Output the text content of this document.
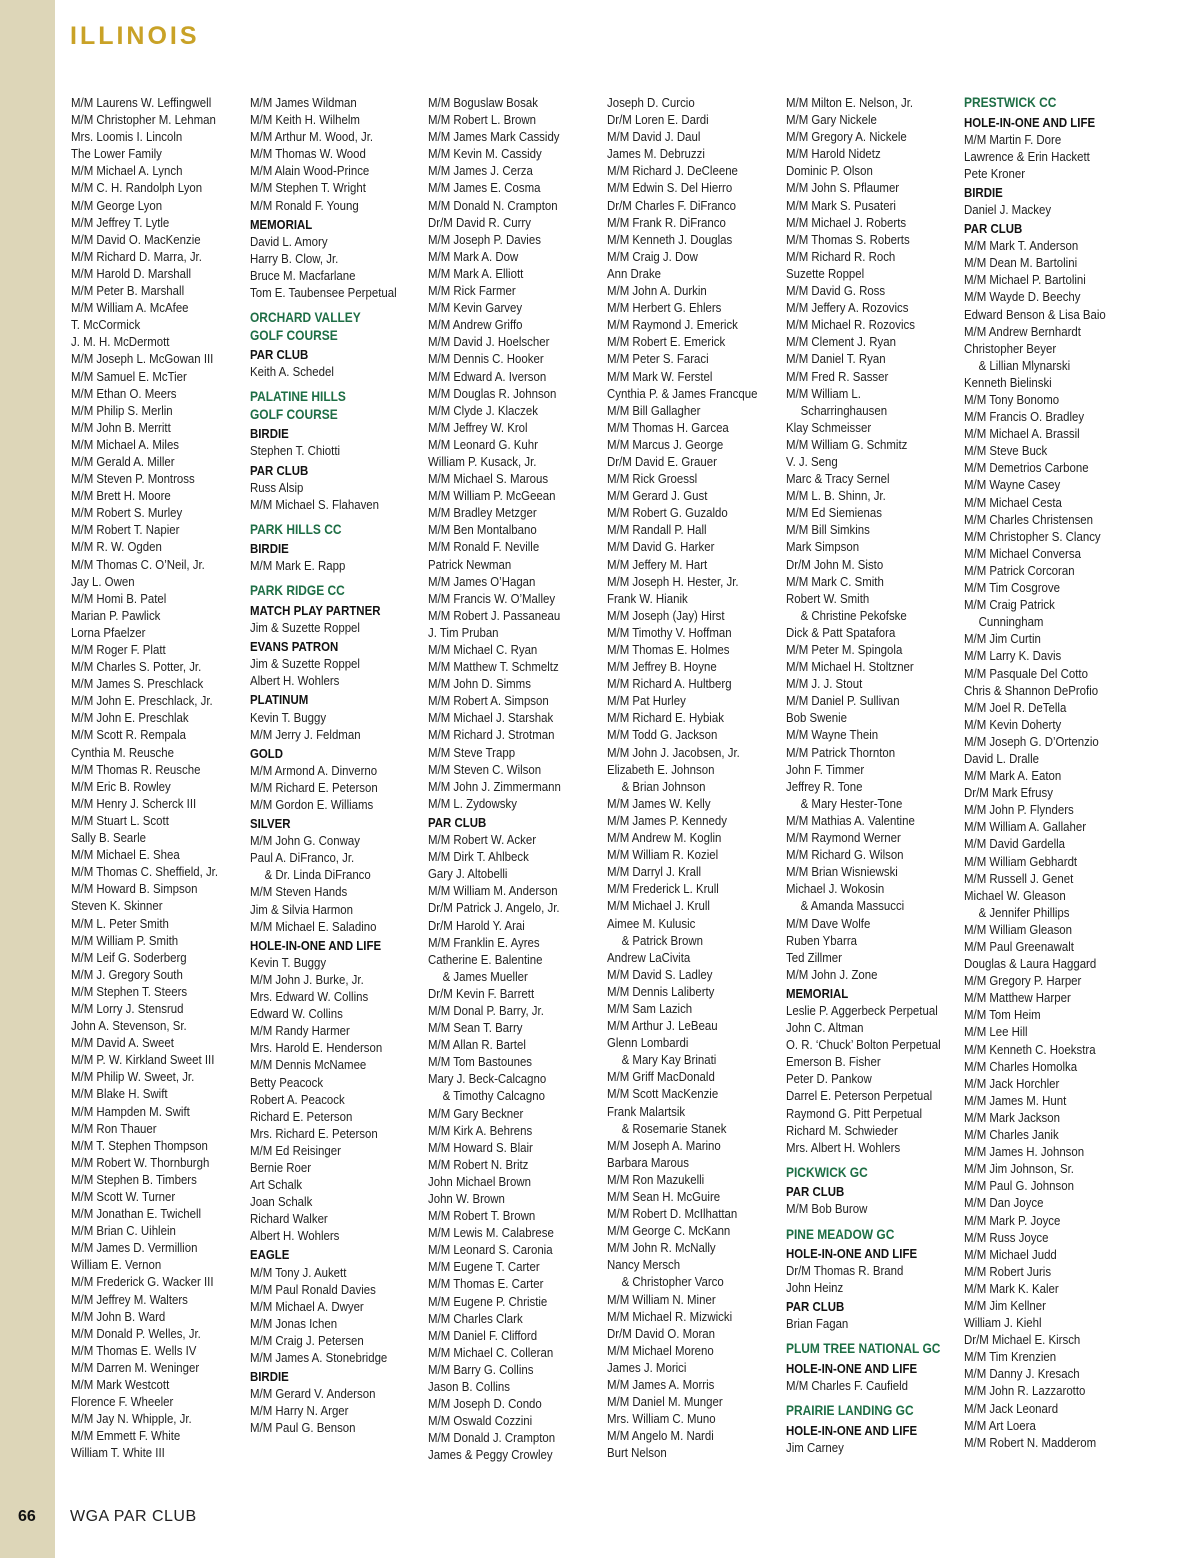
ILLINOIS
M/M Laurens W. Leffingwell
M/M Christopher M. Lehman
Mrs. Loomis I. Lincoln
The Lower Family
M/M Michael A. Lynch
M/M C. H. Randolph Lyon
M/M George Lyon
M/M Jeffrey T. Lytle
M/M David O. MacKenzie
M/M Richard D. Marra, Jr.
M/M Harold D. Marshall
M/M Peter B. Marshall
M/M William A. McAfee
T. McCormick
J. M. H. McDermott
M/M Joseph L. McGowan III
M/M Samuel E. McTier
M/M Ethan O. Meers
M/M Philip S. Merlin
M/M John B. Merritt
M/M Michael A. Miles
M/M Gerald A. Miller
M/M Steven P. Montross
M/M Brett H. Moore
M/M Robert S. Murley
M/M Robert T. Napier
M/M R. W. Ogden
M/M Thomas C. O’Neil, Jr.
Jay L. Owen
M/M Homi B. Patel
Marian P. Pawlick
Lorna Pfaelzer
M/M Roger F. Platt
M/M Charles S. Potter, Jr.
M/M James S. Preschlack
M/M John E. Preschlack, Jr.
M/M John E. Preschlak
M/M Scott R. Rempala
Cynthia M. Reusche
M/M Thomas R. Reusche
M/M Eric B. Rowley
M/M Henry J. Scherck III
M/M Stuart L. Scott
Sally B. Searle
M/M Michael E. Shea
M/M Thomas C. Sheffield, Jr.
M/M Howard B. Simpson
Steven K. Skinner
M/M L. Peter Smith
M/M William P. Smith
M/M Leif G. Soderberg
M/M J. Gregory South
M/M Stephen T. Steers
M/M Lorry J. Stensrud
John A. Stevenson, Sr.
M/M David A. Sweet
M/M P. W. Kirkland Sweet III
M/M Philip W. Sweet, Jr.
M/M Blake H. Swift
M/M Hampden M. Swift
M/M Ron Thauer
M/M T. Stephen Thompson
M/M Robert W. Thornburgh
M/M Stephen B. Timbers
M/M Scott W. Turner
M/M Jonathan E. Twichell
M/M Brian C. Uihlein
M/M James D. Vermillion
William E. Vernon
M/M Frederick G. Wacker III
M/M Jeffrey M. Walters
M/M John B. Ward
M/M Donald P. Welles, Jr.
M/M Thomas E. Wells IV
M/M Darren M. Weninger
M/M Mark Westcott
Florence F. Wheeler
M/M Jay N. Whipple, Jr.
M/M Emmett F. White
William T. White III
M/M James Wildman
M/M Keith H. Wilhelm
M/M Arthur M. Wood, Jr.
M/M Thomas W. Wood
M/M Alain Wood-Prince
M/M Stephen T. Wright
M/M Ronald F. Young
MEMORIAL
David L. Amory
Harry B. Clow, Jr.
Bruce M. Macfarlane
Tom E. Taubensee Perpetual
ORCHARD VALLEY
GOLF COURSE
PAR CLUB
Keith A. Schedel
PALATINE HILLS
GOLF COURSE
BIRDIE
Stephen T. Chiotti
PAR CLUB
Russ Alsip
M/M Michael S. Flahaven
PARK HILLS CC
BIRDIE
M/M Mark E. Rapp
PARK RIDGE CC
MATCH PLAY PARTNER
Jim & Suzette Roppel
EVANS PATRON
Jim & Suzette Roppel
Albert H. Wohlers
PLATINUM
Kevin T. Buggy
M/M Jerry J. Feldman
GOLD
M/M Armond A. Dinverno
M/M Richard E. Peterson
M/M Gordon E. Williams
SILVER
M/M John G. Conway
Paul A. DiFranco, Jr.
& Dr. Linda DiFranco
M/M Steven Hands
Jim & Silvia Harmon
M/M Michael E. Saladino
HOLE-IN-ONE AND LIFE
Kevin T. Buggy
M/M John J. Burke, Jr.
Mrs. Edward W. Collins
Edward W. Collins
M/M Randy Harmer
Mrs. Harold E. Henderson
M/M Dennis McNamee
Betty Peacock
Robert A. Peacock
Richard E. Peterson
Mrs. Richard E. Peterson
M/M Ed Reisinger
Bernie Roer
Art Schalk
Joan Schalk
Richard Walker
Albert H. Wohlers
EAGLE
M/M Tony J. Aukett
M/M Paul Ronald Davies
M/M Michael A. Dwyer
M/M Jonas Ichen
M/M Craig J. Petersen
M/M James A. Stonebridge
BIRDIE
M/M Gerard V. Anderson
M/M Harry N. Arger
M/M Paul G. Benson
M/M Boguslaw Bosak
M/M Robert L. Brown
M/M James Mark Cassidy
M/M Kevin M. Cassidy
M/M James J. Cerza
M/M James E. Cosma
M/M Donald N. Crampton
Dr/M David R. Curry
M/M Joseph P. Davies
M/M Mark A. Dow
M/M Mark A. Elliott
M/M Rick Farmer
M/M Kevin Garvey
M/M Andrew Griffo
M/M David J. Hoelscher
M/M Dennis C. Hooker
M/M Edward A. Iverson
M/M Douglas R. Johnson
M/M Clyde J. Klaczek
M/M Jeffrey W. Krol
M/M Leonard G. Kuhr
William P. Kusack, Jr.
M/M Michael S. Marous
M/M William P. McGeean
M/M Bradley Metzger
M/M Ben Montalbano
M/M Ronald F. Neville
Patrick Newman
M/M James O’Hagan
M/M Francis W. O’Malley
M/M Robert J. Passaneau
J. Tim Pruban
M/M Michael C. Ryan
M/M Matthew T. Schmeltz
M/M John D. Simms
M/M Robert A. Simpson
M/M Michael J. Starshak
M/M Richard J. Strotman
M/M Steve Trapp
M/M Steven C. Wilson
M/M John J. Zimmermann
M/M L. Zydowsky
PAR CLUB
M/M Robert W. Acker
M/M Dirk T. Ahlbeck
Gary J. Altobelli
M/M William M. Anderson
Dr/M Patrick J. Angelo, Jr.
Dr/M Harold Y. Arai
M/M Franklin E. Ayres
Catherine E. Balentine
& James Mueller
Dr/M Kevin F. Barrett
M/M Donal P. Barry, Jr.
M/M Sean T. Barry
M/M Allan R. Bartel
M/M Tom Bastounes
Mary J. Beck-Calcagno
& Timothy Calcagno
M/M Gary Beckner
M/M Kirk A. Behrens
M/M Howard S. Blair
M/M Robert N. Britz
John Michael Brown
John W. Brown
M/M Robert T. Brown
M/M Lewis M. Calabrese
M/M Leonard S. Caronia
M/M Eugene T. Carter
M/M Thomas E. Carter
M/M Eugene P. Christie
M/M Charles Clark
M/M Daniel F. Clifford
M/M Michael C. Colleran
M/M Barry G. Collins
Jason B. Collins
M/M Joseph D. Condo
M/M Oswald Cozzini
M/M Donald J. Crampton
James & Peggy Crowley
Joseph D. Curcio
Dr/M Loren E. Dardi
M/M David J. Daul
James M. Debruzzi
M/M Richard J. DeCleene
M/M Edwin S. Del Hierro
Dr/M Charles F. DiFranco
M/M Frank R. DiFranco
M/M Kenneth J. Douglas
M/M Craig J. Dow
Ann Drake
M/M John A. Durkin
M/M Herbert G. Ehlers
M/M Raymond J. Emerick
M/M Robert E. Emerick
M/M Peter S. Faraci
M/M Mark W. Ferstel
Cynthia P. & James Francque
M/M Bill Gallagher
M/M Thomas H. Garcea
M/M Marcus J. George
Dr/M David E. Grauer
M/M Rick Groessl
M/M Gerard J. Gust
M/M Robert G. Guzaldo
M/M Randall P. Hall
M/M David G. Harker
M/M Jeffery M. Hart
M/M Joseph H. Hester, Jr.
Frank W. Hianik
M/M Joseph (Jay) Hirst
M/M Timothy V. Hoffman
M/M Thomas E. Holmes
M/M Jeffrey B. Hoyne
M/M Richard A. Hultberg
M/M Pat Hurley
M/M Richard E. Hybiak
M/M Todd G. Jackson
M/M John J. Jacobsen, Jr.
Elizabeth E. Johnson
& Brian Johnson
M/M James W. Kelly
M/M James P. Kennedy
M/M Andrew M. Koglin
M/M William R. Koziel
M/M Darryl J. Krall
M/M Frederick L. Krull
M/M Michael J. Krull
Aimee M. Kulusic
& Patrick Brown
Andrew LaCivita
M/M David S. Ladley
M/M Dennis Laliberty
M/M Sam Lazich
M/M Arthur J. LeBeau
Glenn Lombardi
& Mary Kay Brinati
M/M Griff MacDonald
M/M Scott MacKenzie
Frank Malartsik
& Rosemarie Stanek
M/M Joseph A. Marino
Barbara Marous
M/M Ron Mazukelli
M/M Sean H. McGuire
M/M Robert D. McIlhattan
M/M George C. McKann
M/M John R. McNally
Nancy Mersch
& Christopher Varco
M/M William N. Miner
M/M Michael R. Mizwicki
Dr/M David O. Moran
M/M Michael Moreno
James J. Morici
M/M James A. Morris
M/M Daniel M. Munger
Mrs. William C. Muno
M/M Angelo M. Nardi
Burt Nelson
M/M Milton E. Nelson, Jr.
M/M Gary Nickele
M/M Gregory A. Nickele
M/M Harold Nidetz
Dominic P. Olson
M/M John S. Pflaumer
M/M Mark S. Pusateri
M/M Michael J. Roberts
M/M Thomas S. Roberts
M/M Richard R. Roch
Suzette Roppel
M/M David G. Ross
M/M Jeffery A. Rozovics
M/M Michael R. Rozovics
M/M Clement J. Ryan
M/M Daniel T. Ryan
M/M Fred R. Sasser
M/M William L.
Scharringhausen
Klay Schmeisser
M/M William G. Schmitz
V. J. Seng
Marc & Tracy Sernel
M/M L. B. Shinn, Jr.
M/M Ed Siemienas
M/M Bill Simkins
Mark Simpson
Dr/M John M. Sisto
M/M Mark C. Smith
Robert W. Smith
& Christine Pekofske
Dick & Patt Spatafora
M/M Peter M. Spingola
M/M Michael H. Stoltzner
M/M J. J. Stout
M/M Daniel P. Sullivan
Bob Swenie
M/M Wayne Thein
M/M Patrick Thornton
John F. Timmer
Jeffrey R. Tone
& Mary Hester-Tone
M/M Mathias A. Valentine
M/M Raymond Werner
M/M Richard G. Wilson
M/M Brian Wisniewski
Michael J. Wokosin
& Amanda Massucci
M/M Dave Wolfe
Ruben Ybarra
Ted Zillmer
M/M John J. Zone
MEMORIAL
Leslie P. Aggerbeck Perpetual
John C. Altman
O. R. ‘Chuck’ Bolton Perpetual
Emerson B. Fisher
Peter D. Pankow
Darrel E. Peterson Perpetual
Raymond G. Pitt Perpetual
Richard M. Schwieder
Mrs. Albert H. Wohlers
PICKWICK GC
PAR CLUB
M/M Bob Burow
PINE MEADOW GC
HOLE-IN-ONE AND LIFE
Dr/M Thomas R. Brand
John Heinz
PAR CLUB
Brian Fagan
PLUM TREE NATIONAL GC
HOLE-IN-ONE AND LIFE
M/M Charles F. Caufield
PRAIRIE LANDING GC
HOLE-IN-ONE AND LIFE
Jim Carney
PRESTWICK CC
HOLE-IN-ONE AND LIFE
M/M Martin F. Dore
Lawrence & Erin Hackett
Pete Kroner
BIRDIE
Daniel J. Mackey
PAR CLUB
M/M Mark T. Anderson
M/M Dean M. Bartolini
M/M Michael P. Bartolini
M/M Wayde D. Beechy
Edward Benson & Lisa Baio
M/M Andrew Bernhardt
Christopher Beyer
& Lillian Mlynarski
Kenneth Bielinski
M/M Tony Bonomo
M/M Francis O. Bradley
M/M Michael A. Brassil
M/M Steve Buck
M/M Demetrios Carbone
M/M Wayne Casey
M/M Michael Cesta
M/M Charles Christensen
M/M Christopher S. Clancy
M/M Michael Conversa
M/M Patrick Corcoran
M/M Tim Cosgrove
M/M Craig Patrick
Cunningham
M/M Jim Curtin
M/M Larry K. Davis
M/M Pasquale Del Cotto
Chris & Shannon DeProfio
M/M Joel R. DeTella
M/M Kevin Doherty
M/M Joseph G. D’Ortenzio
David L. Dralle
M/M Mark A. Eaton
Dr/M Mark Efrusy
M/M John P. Flynders
M/M William A. Gallaher
M/M David Gardella
M/M William Gebhardt
M/M Russell J. Genet
Michael W. Gleason
& Jennifer Phillips
M/M William Gleason
M/M Paul Greenawalt
Douglas & Laura Haggard
M/M Gregory P. Harper
M/M Matthew Harper
M/M Tom Heim
M/M Lee Hill
M/M Kenneth C. Hoekstra
M/M Charles Homolka
M/M Jack Horchler
M/M James M. Hunt
M/M Mark Jackson
M/M Charles Janik
M/M James H. Johnson
M/M Jim Johnson, Sr.
M/M Paul G. Johnson
M/M Dan Joyce
M/M Mark P. Joyce
M/M Russ Joyce
M/M Michael Judd
M/M Robert Juris
M/M Mark K. Kaler
M/M Jim Kellner
William J. Kiehl
Dr/M Michael E. Kirsch
M/M Tim Krenzien
M/M Danny J. Kresach
M/M John R. Lazzarotto
M/M Jack Leonard
M/M Art Loera
M/M Robert N. Madderom
66 WGA PAR CLUB
